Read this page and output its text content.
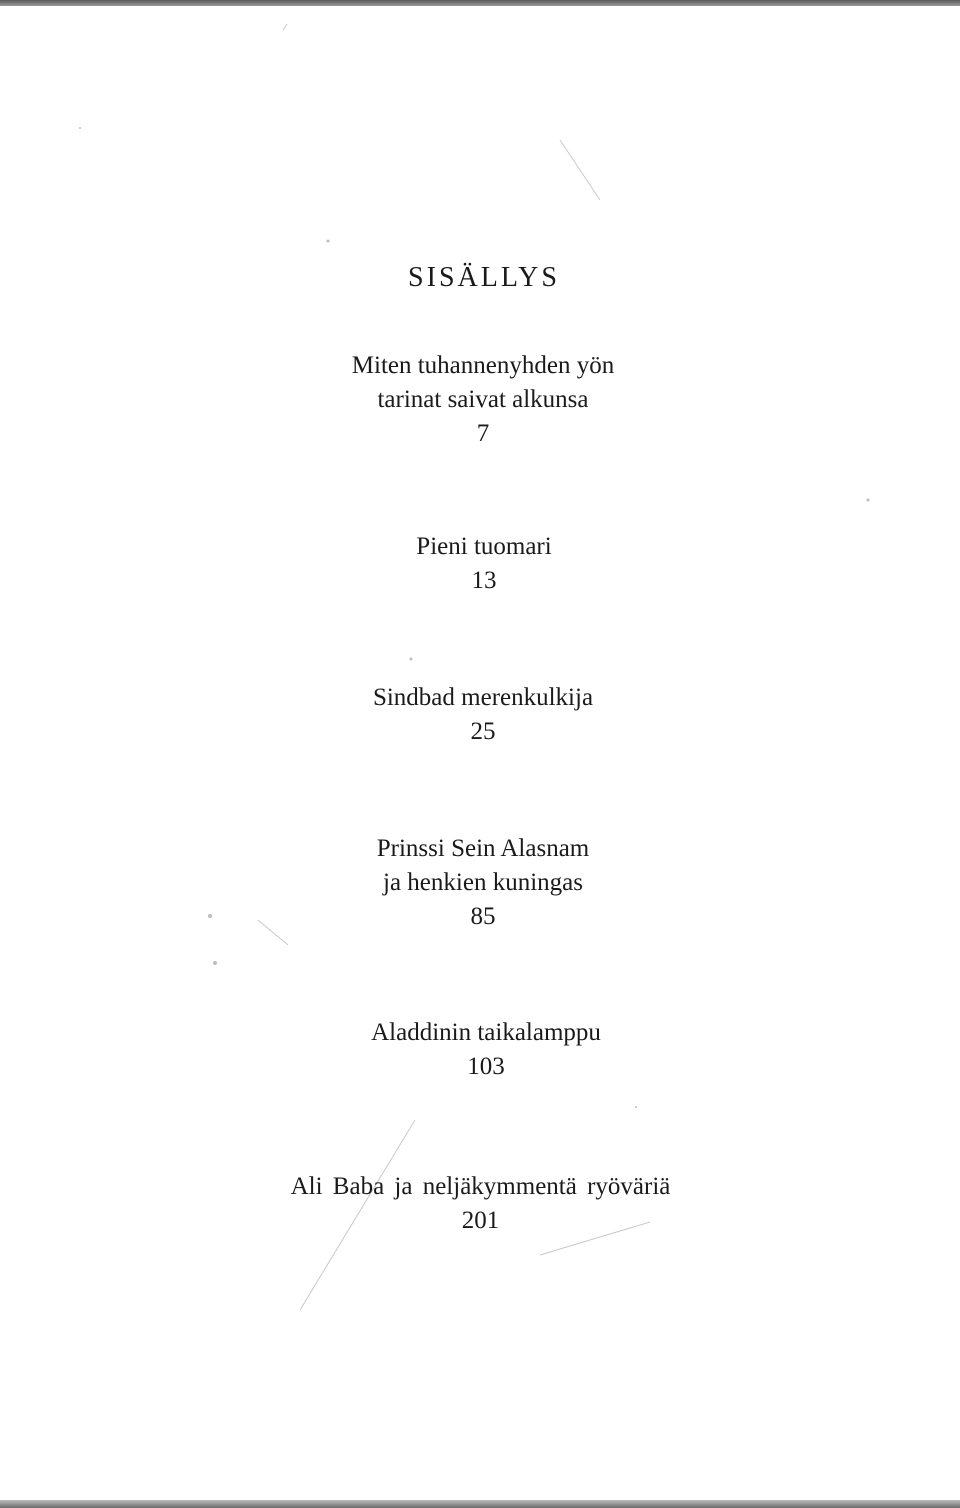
SISÄLLYS
Miten tuhannenyhden yön
tarinat saivat alkunsa
7
Pieni tuomari
13
Sindbad merenkulkija
25
Prinssi Sein Alasnam
ja henkien kuningas
85
Aladdinin taikalamppu
103
Ali Baba ja neljäkymmentä ryöväriä
201
